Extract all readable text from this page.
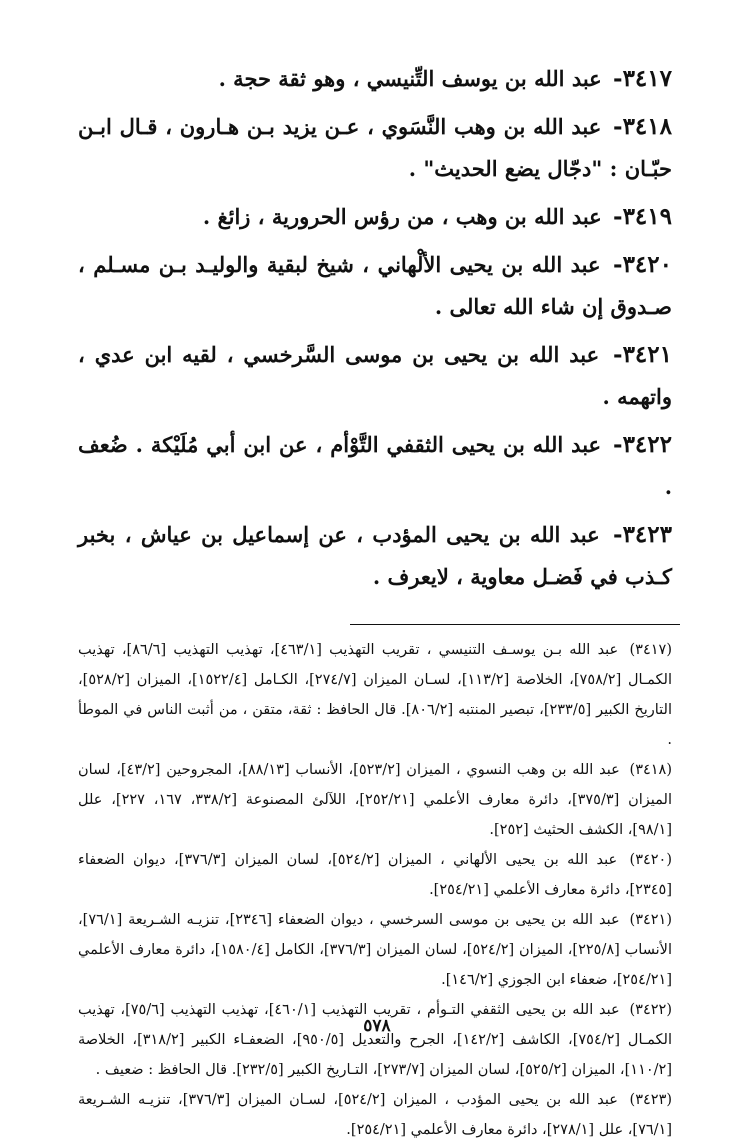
٣٤١٧- عبد الله بن يوسف التِّنيسي ، وهو ثقة حجة .
٣٤١٨- عبد الله بن وهب النَّسَوي ، عـن يزيد بـن هـارون ، قـال ابـن حبّـان : "دجّال يضع الحديث" .
٣٤١٩- عبد الله بن وهب ، من رؤس الحرورية ، زائغ .
٣٤٢٠- عبد الله بن يحيى الألْهاني ، شيخ لبقية والوليـد بـن مسـلم ، صـدوق إن شاء الله تعالى .
٣٤٢١- عبد الله بن يحيى بن موسى السَّرخسي ، لقيه ابن عدي ، واتهمه .
٣٤٢٢- عبد الله بن يحيى الثقفي التَّوْأم ، عن ابن أبي مُلَيْكة . ضُعف .
٣٤٢٣- عبد الله بن يحيى المؤدب ، عن إسماعيل بن عياش ، بخبر كـذب في فَضـل معاوية ، لايعرف .
(٣٤١٧) عبد الله بـن يوسـف التنيسي ، تقريب التهذيب [٤٦٣/١]، تهذيب التهذيب [٨٦/٦]، تهذيب الكمـال [٧٥٨/٢]، الخلاصة [١١٣/٢]، لسـان الميزان [٢٧٤/٧]، الكـامل [١٥٢٢/٤]، الميزان [٥٢٨/٢]، التاريخ الكبير [٢٣٣/٥]، تبصير المنتبه [٨٠٦/٢]. قال الحافظ : ثقة، متقن ، من أثبت الناس في الموطأ .
(٣٤١٨) عبد الله بن وهب النسوي ، الميزان [٥٢٣/٢]، الأنساب [٨٨/١٣]، المجروحين [٤٣/٢]، لسان الميزان [٣٧٥/٣]، دائرة معارف الأعلمي [٢٥٢/٢١]، اللآلئ المصنوعة [٣٣٨/٢، ١٦٧، ٢٢٧]، علل [٩٨/١]، الكشف الحثيث [٢٥٢].
(٣٤٢٠) عبد الله بن يحيى الألهاني ، الميزان [٥٢٤/٢]، لسان الميزان [٣٧٦/٣]، ديوان الضعفاء [٢٣٤٥]، دائرة معارف الأعلمي [٢٥٤/٢١].
(٣٤٢١) عبد الله بن يحيى بن موسى السرخسي ، ديوان الضعفاء [٢٣٤٦]، تنزيـه الشـريعة [٧٦/١]، الأنساب [٢٢٥/٨]، الميزان [٥٢٤/٢]، لسان الميزان [٣٧٦/٣]، الكامل [١٥٨٠/٤]، دائرة معارف الأعلمي [٢٥٤/٢١]، ضعفاء ابن الجوزي [١٤٦/٢].
(٣٤٢٢) عبد الله بن يحيى الثقفي التـوأم ، تقريب التهذيب [٤٦٠/١]، تهذيب التهذيب [٧٥/٦]، تهذيب الكمـال [٧٥٤/٢]، الكاشف [١٤٢/٢]، الجرح والتعديل [٩٥٠/٥]، الضعفـاء الكبير [٣١٨/٢]، الخلاصة [١١٠/٢]، الميزان [٥٢٥/٢]، لسان الميزان [٢٧٣/٧]، التـاريخ الكبير [٢٣٢/٥]. قال الحافظ : ضعيف .
(٣٤٢٣) عبد الله بن يحيى المؤدب ، الميزان [٥٢٤/٢]، لسـان الميزان [٣٧٦/٣]، تنزيـه الشـريعة [٧٦/١]، علل [٢٧٨/١]، دائرة معارف الأعلمي [٢٥٤/٢١].
٥٧٨
